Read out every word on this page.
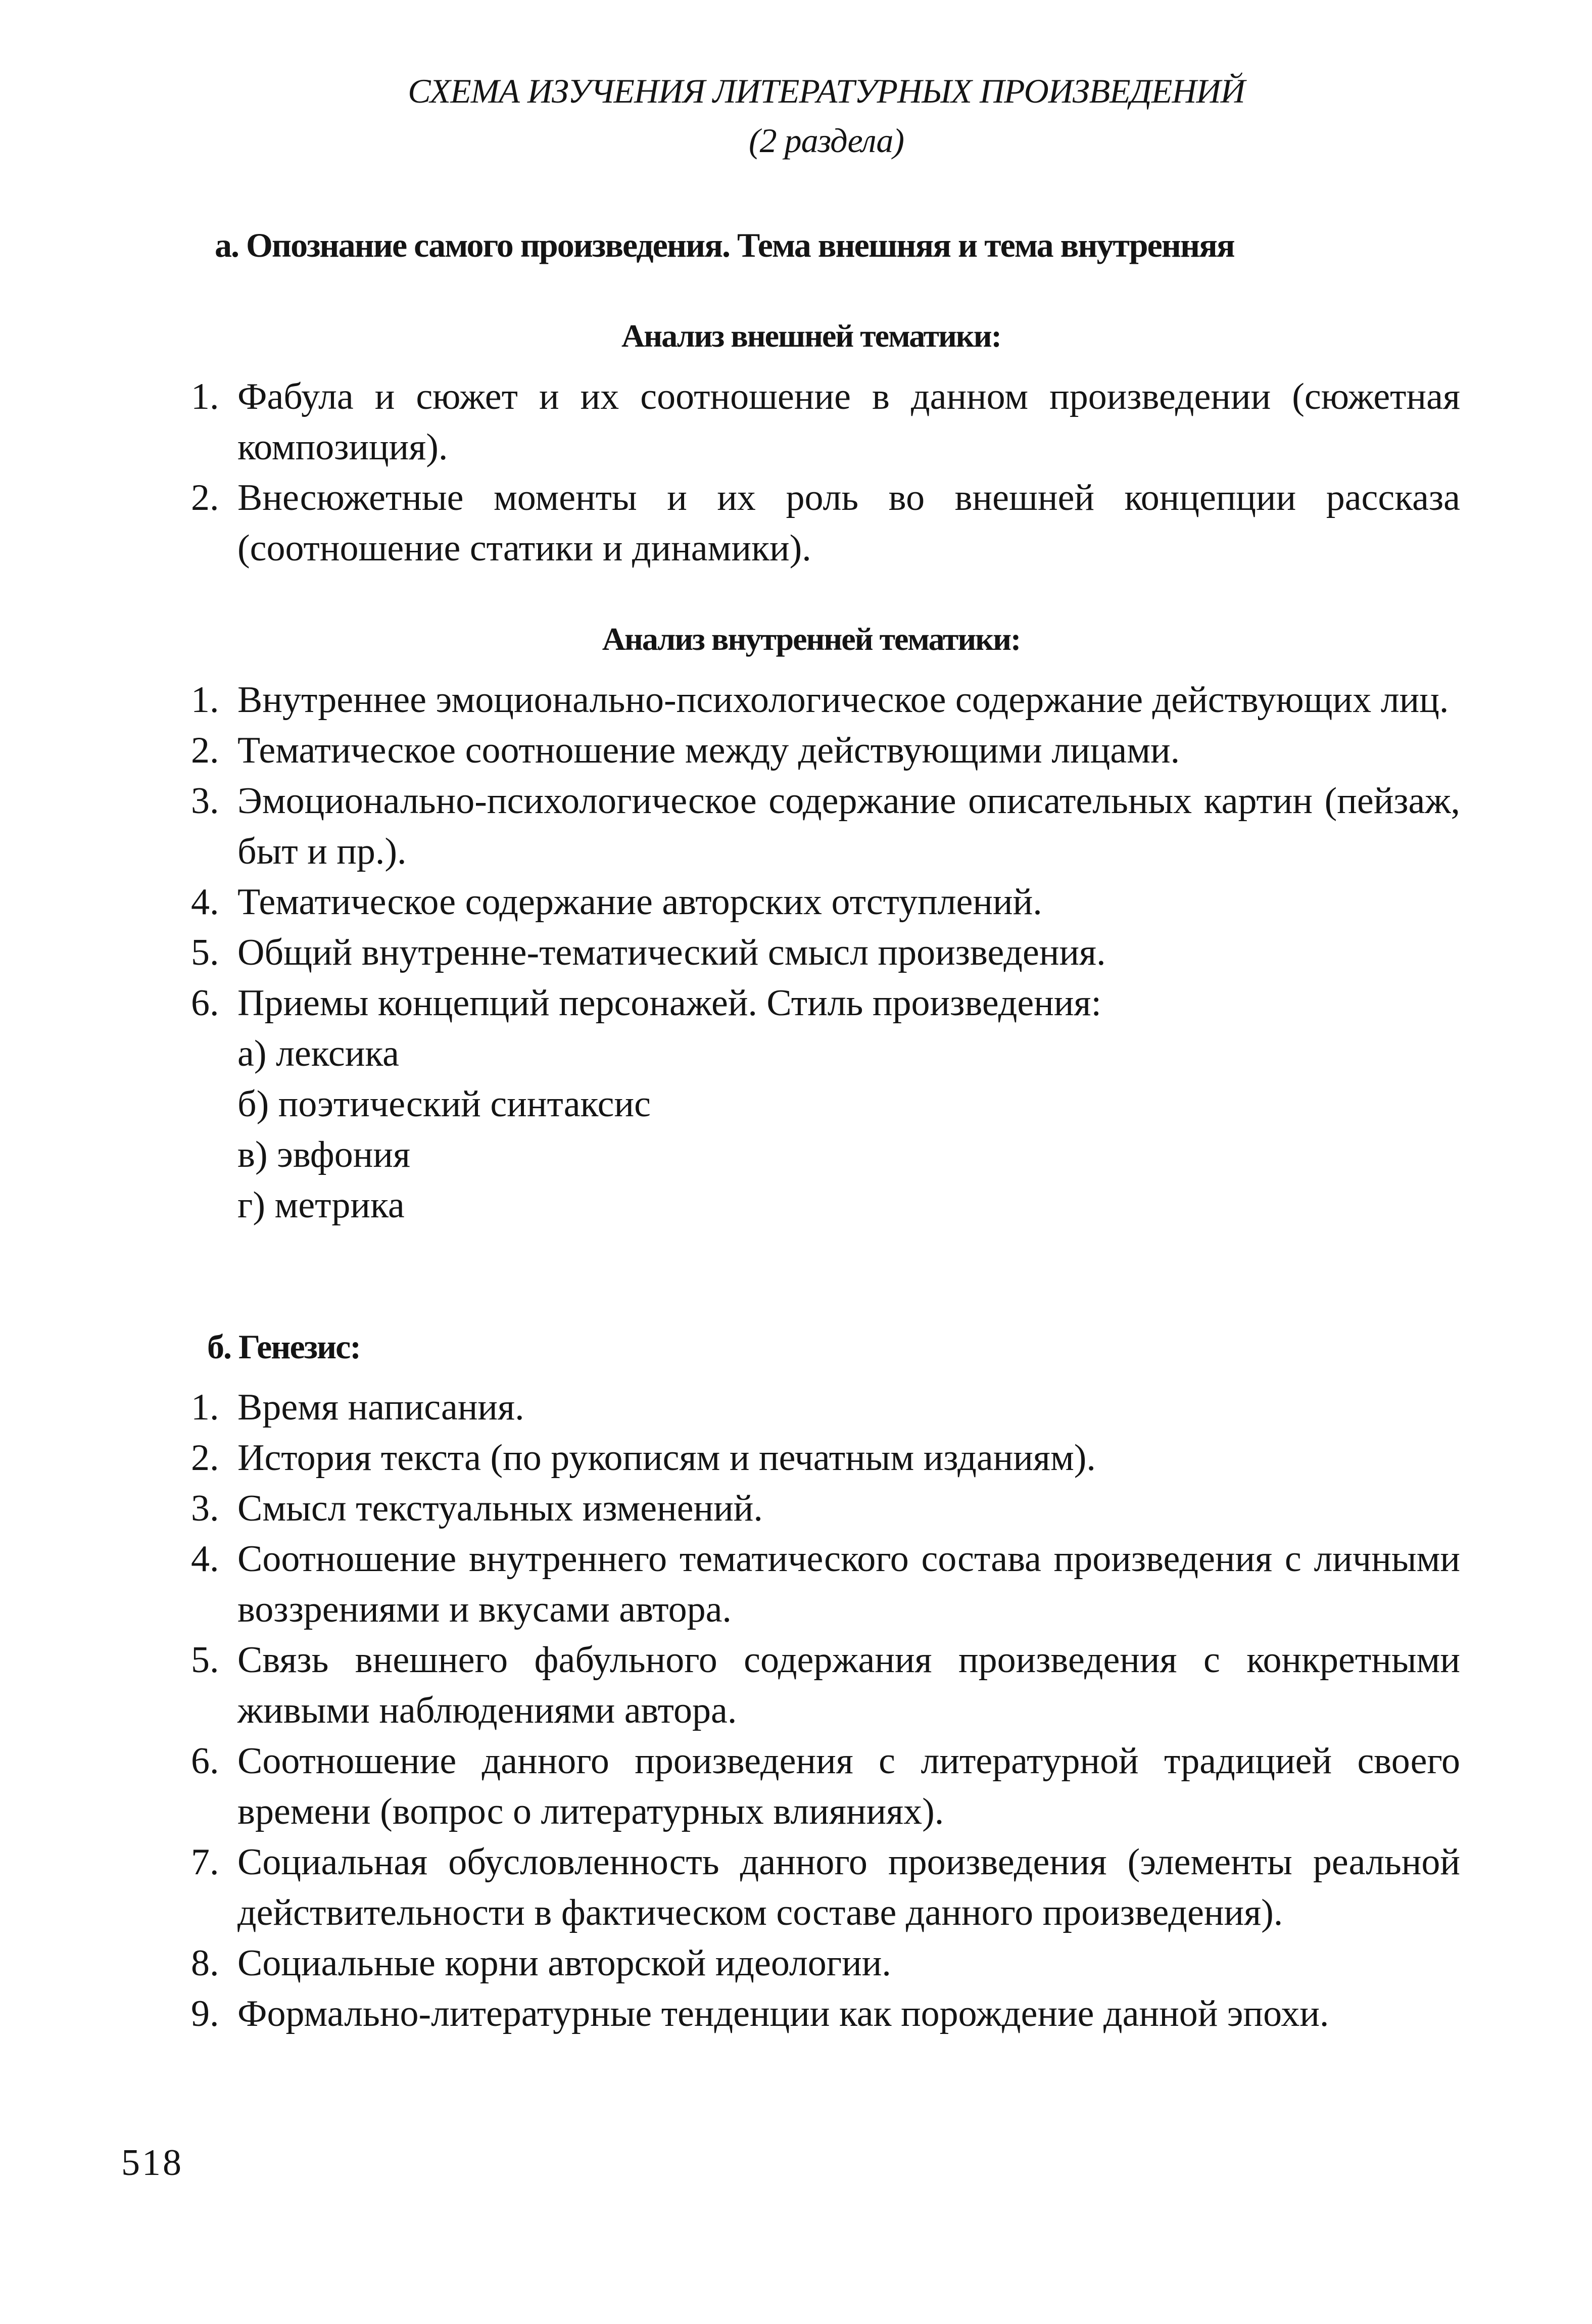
СХЕМА ИЗУЧЕНИЯ ЛИТЕРАТУРНЫХ ПРОИЗВЕДЕНИЙ
(2 раздела)
а. Опознание самого произведения. Тема внешняя и тема внутренняя
Анализ внешней тематики:
1. Фабула и сюжет и их соотношение в данном произведении (сюжетная композиция).
2. Внесюжетные моменты и их роль во внешней концепции рассказа (соотношение статики и динамики).
Анализ внутренней тематики:
1. Внутреннее эмоционально-психологическое содержание действующих лиц.
2. Тематическое соотношение между действующими лицами.
3. Эмоционально-психологическое содержание описательных картин (пейзаж, быт и пр.).
4. Тематическое содержание авторских отступлений.
5. Общий внутренне-тематический смысл произведения.
6. Приемы концепций персонажей. Стиль произведения:
а) лексика
б) поэтический синтаксис
в) эвфония
г) метрика
б. Генезис:
1. Время написания.
2. История текста (по рукописям и печатным изданиям).
3. Смысл текстуальных изменений.
4. Соотношение внутреннего тематического состава произведения с личными воззрениями и вкусами автора.
5. Связь внешнего фабульного содержания произведения с конкретными живыми наблюдениями автора.
6. Соотношение данного произведения с литературной традицией своего времени (вопрос о литературных влияниях).
7. Социальная обусловленность данного произведения (элементы реальной действительности в фактическом составе данного произведения).
8. Социальные корни авторской идеологии.
9. Формально-литературные тенденции как порождение данной эпохи.
518
